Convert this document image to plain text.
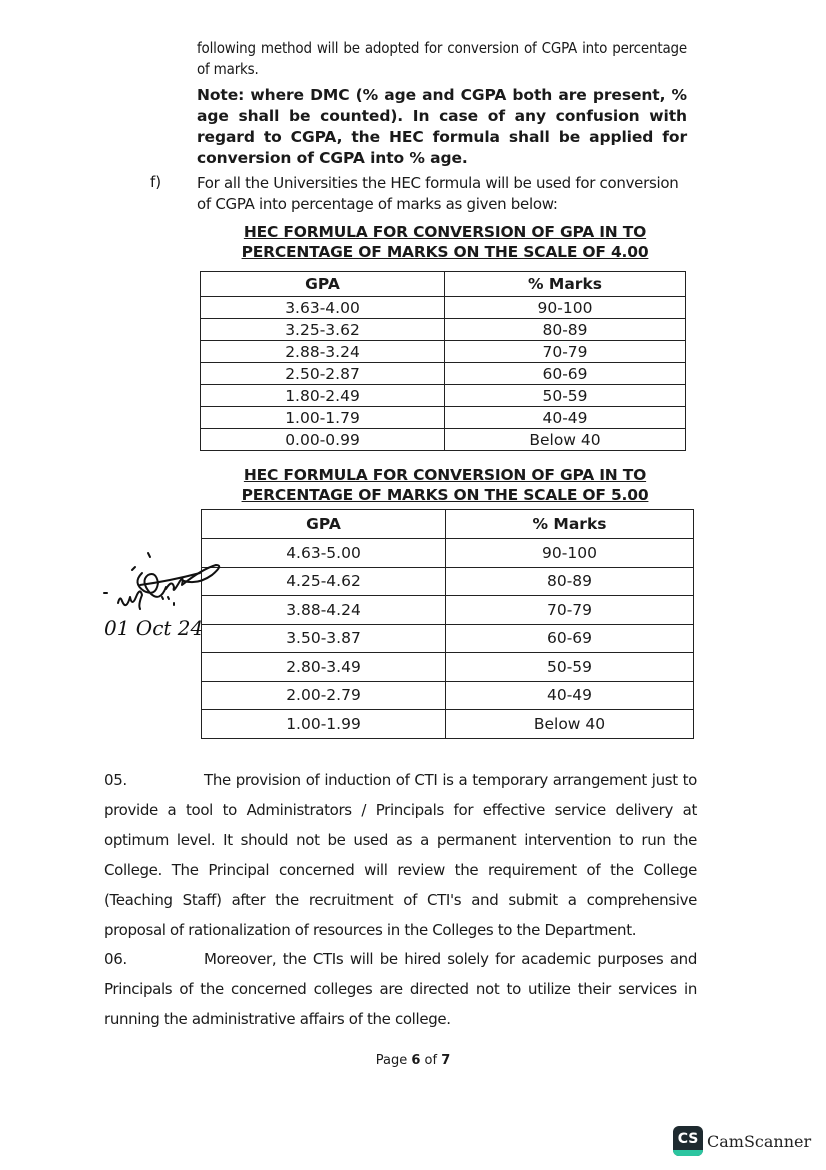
following method will be adopted for conversion of CGPA into percentage of marks.
Note: where DMC (% age and CGPA both are present, % age shall be counted). In case of any confusion with regard to CGPA, the HEC formula shall be applied for conversion of CGPA into % age.
f) For all the Universities the HEC formula will be used for conversion of CGPA into percentage of marks as given below:
HEC FORMULA FOR CONVERSION OF GPA IN TO
PERCENTAGE OF MARKS ON THE SCALE OF 4.00
GPA	% Marks
3.63-4.00	90-100
3.25-3.62	80-89
2.88-3.24	70-79
2.50-2.87	60-69
1.80-2.49	50-59
1.00-1.79	40-49
0.00-0.99	Below 40
HEC FORMULA FOR CONVERSION OF GPA IN TO
PERCENTAGE OF MARKS ON THE SCALE OF 5.00
GPA	% Marks
4.63-5.00	90-100
4.25-4.62	80-89
3.88-4.24	70-79
3.50-3.87	60-69
2.80-3.49	50-59
2.00-2.79	40-49
1.00-1.99	Below 40
01 Oct 24
05.	The provision of induction of CTI is a temporary arrangement just to provide a tool to Administrators / Principals for effective service delivery at optimum level. It should not be used as a permanent intervention to run the College. The Principal concerned will review the requirement of the College (Teaching Staff) after the recruitment of CTI's and submit a comprehensive proposal of rationalization of resources in the Colleges to the Department.
06.	Moreover, the CTIs will be hired solely for academic purposes and Principals of the concerned colleges are directed not to utilize their services in running the administrative affairs of the college.
Page 6 of 7
CS CamScanner
